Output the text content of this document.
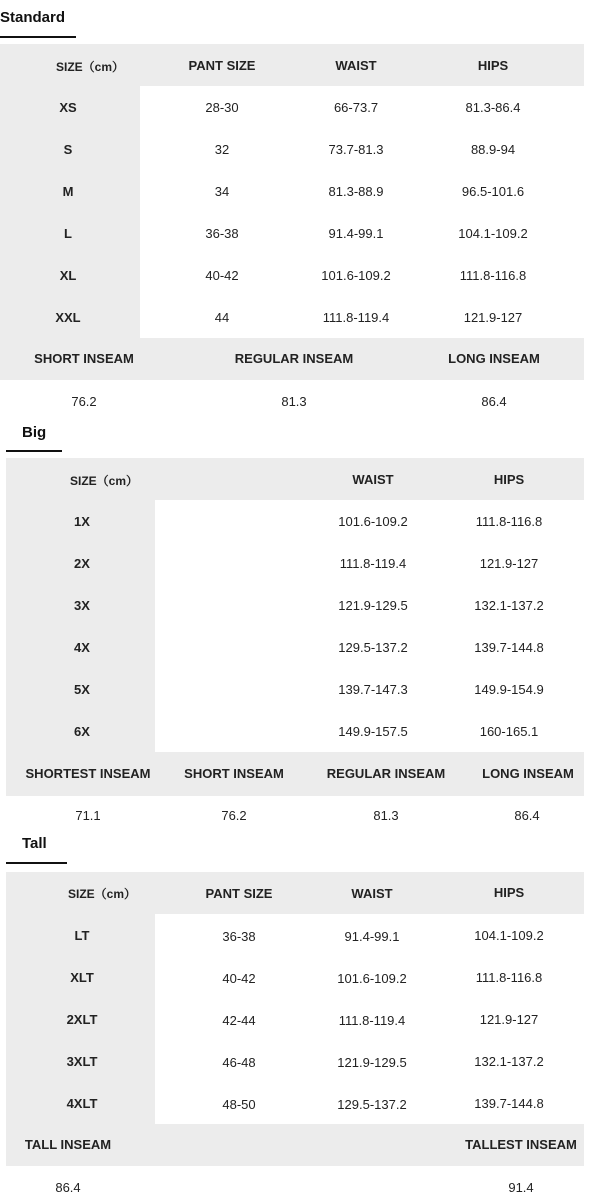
Standard
SIZE（cm）	PANT SIZE	WAIST	HIPS
XS	28-30	66-73.7	81.3-86.4
S	32	73.7-81.3	88.9-94
M	34	81.3-88.9	96.5-101.6
L	36-38	91.4-99.1	104.1-109.2
XL	40-42	101.6-109.2	111.8-116.8
XXL	44	111.8-119.4	121.9-127
SHORT INSEAM	REGULAR INSEAM	LONG INSEAM
76.2	81.3	86.4
Big
SIZE（cm）	WAIST	HIPS
1X	101.6-109.2	111.8-116.8
2X	111.8-119.4	121.9-127
3X	121.9-129.5	132.1-137.2
4X	129.5-137.2	139.7-144.8
5X	139.7-147.3	149.9-154.9
6X	149.9-157.5	160-165.1
SHORTEST INSEAM	SHORT INSEAM	REGULAR INSEAM	LONG INSEAM
71.1	76.2	81.3	86.4
Tall
SIZE（cm）	PANT SIZE	WAIST	HIPS
LT	36-38	91.4-99.1	104.1-109.2
XLT	40-42	101.6-109.2	111.8-116.8
2XLT	42-44	111.8-119.4	121.9-127
3XLT	46-48	121.9-129.5	132.1-137.2
4XLT	48-50	129.5-137.2	139.7-144.8
TALL INSEAM	TALLEST INSEAM
86.4	91.4
